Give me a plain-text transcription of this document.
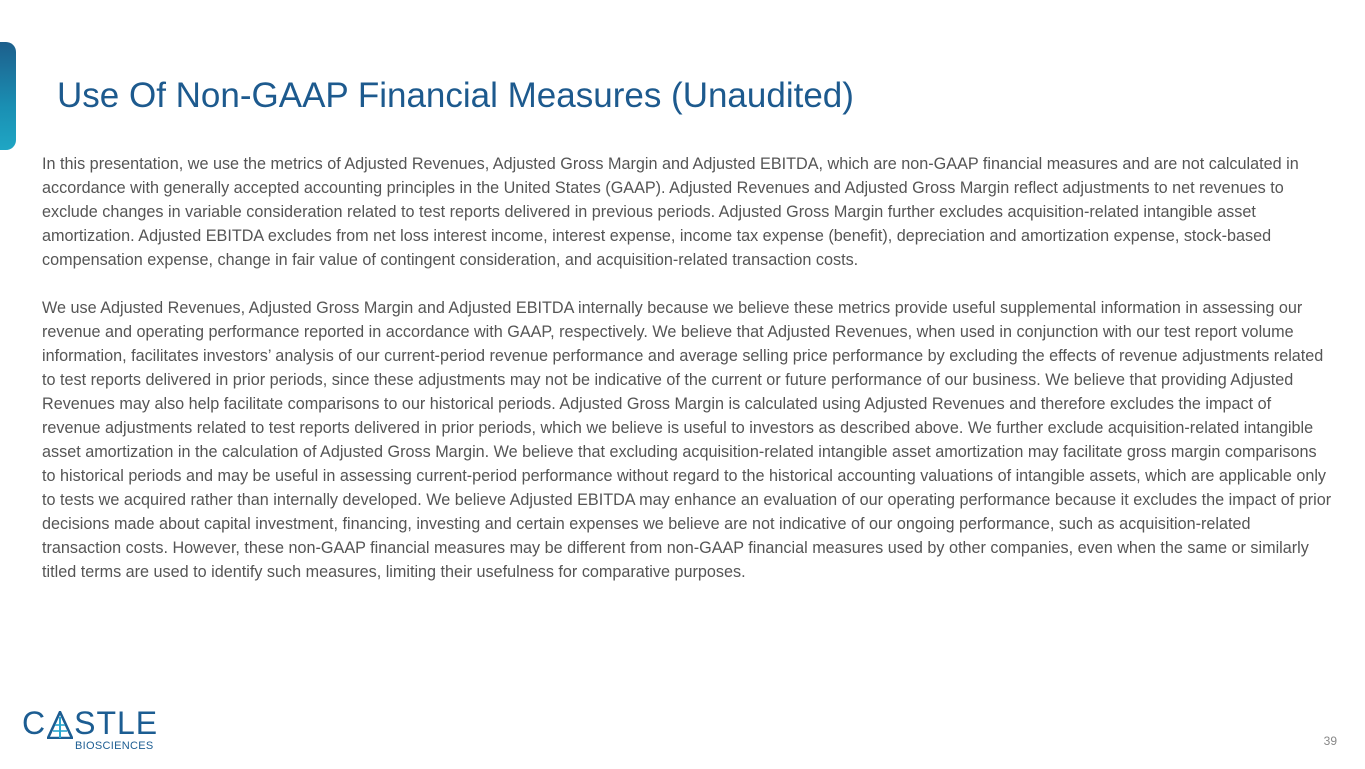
Use Of Non-GAAP Financial Measures (Unaudited)

In this presentation, we use the metrics of Adjusted Revenues, Adjusted Gross Margin and Adjusted EBITDA, which are non-GAAP financial measures and are not calculated in accordance with generally accepted accounting principles in the United States (GAAP). Adjusted Revenues and Adjusted Gross Margin reflect adjustments to net revenues to exclude changes in variable consideration related to test reports delivered in previous periods. Adjusted Gross Margin further excludes acquisition-related intangible asset amortization. Adjusted EBITDA excludes from net loss interest income, interest expense, income tax expense (benefit), depreciation and amortization expense, stock-based compensation expense, change in fair value of contingent consideration, and acquisition-related transaction costs.

We use Adjusted Revenues, Adjusted Gross Margin and Adjusted EBITDA internally because we believe these metrics provide useful supplemental information in assessing our revenue and operating performance reported in accordance with GAAP, respectively. We believe that Adjusted Revenues, when used in conjunction with our test report volume information, facilitates investors’ analysis of our current-period revenue performance and average selling price performance by excluding the effects of revenue adjustments related to test reports delivered in prior periods, since these adjustments may not be indicative of the current or future performance of our business. We believe that providing Adjusted Revenues may also help facilitate comparisons to our historical periods. Adjusted Gross Margin is calculated using Adjusted Revenues and therefore excludes the impact of revenue adjustments related to test reports delivered in prior periods, which we believe is useful to investors as described above. We further exclude acquisition-related intangible asset amortization in the calculation of Adjusted Gross Margin. We believe that excluding acquisition-related intangible asset amortization may facilitate gross margin comparisons to historical periods and may be useful in assessing current-period performance without regard to the historical accounting valuations of intangible assets, which are applicable only to tests we acquired rather than internally developed. We believe Adjusted EBITDA may enhance an evaluation of our operating performance because it excludes the impact of prior decisions made about capital investment, financing, investing and certain expenses we believe are not indicative of our ongoing performance, such as acquisition-related transaction costs. However, these non-GAAP financial measures may be different from non-GAAP financial measures used by other companies, even when the same or similarly titled terms are used to identify such measures, limiting their usefulness for comparative purposes.

C STLE
BIOSCIENCES	39
